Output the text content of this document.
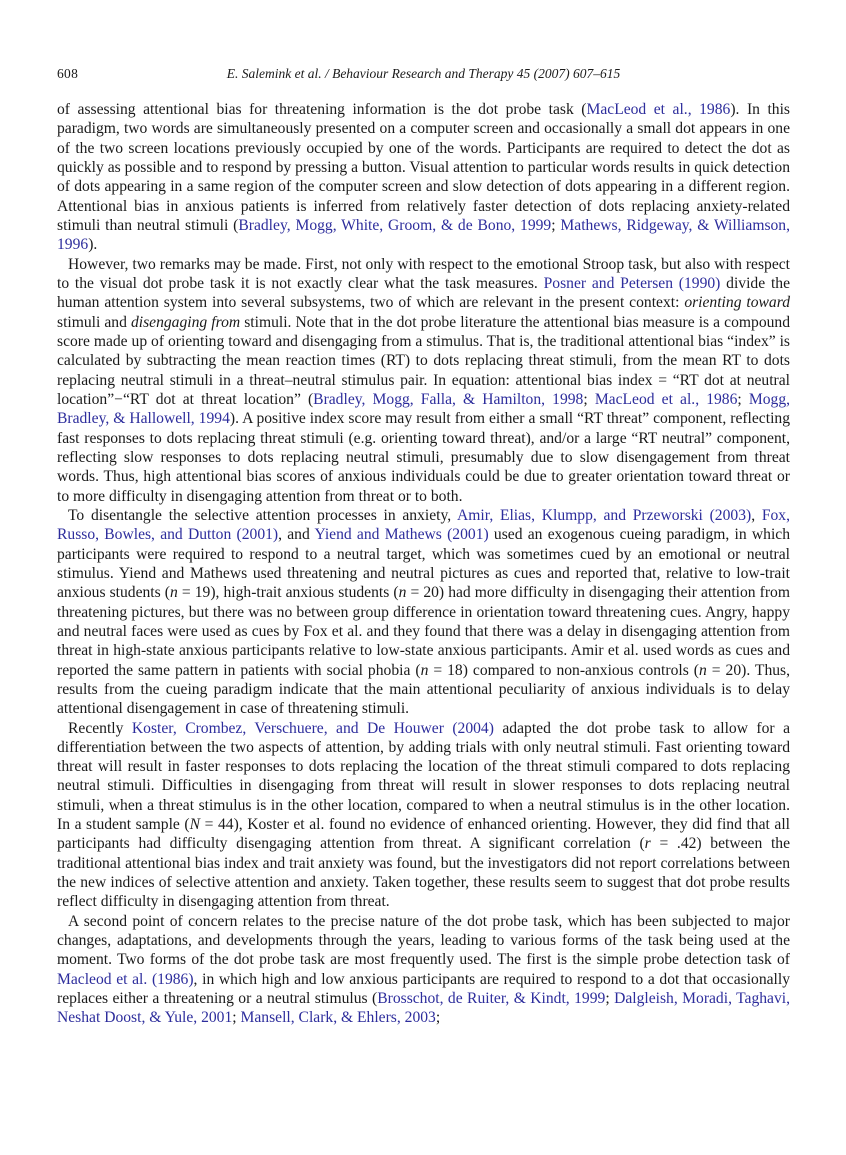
608	E. Salemink et al. / Behaviour Research and Therapy 45 (2007) 607–615

of assessing attentional bias for threatening information is the dot probe task (MacLeod et al., 1986). In this paradigm, two words are simultaneously presented on a computer screen and occasionally a small dot appears in one of the two screen locations previously occupied by one of the words. Participants are required to detect the dot as quickly as possible and to respond by pressing a button. Visual attention to particular words results in quick detection of dots appearing in a same region of the computer screen and slow detection of dots appearing in a different region. Attentional bias in anxious patients is inferred from relatively faster detection of dots replacing anxiety-related stimuli than neutral stimuli (Bradley, Mogg, White, Groom, & de Bono, 1999; Mathews, Ridgeway, & Williamson, 1996).

However, two remarks may be made. First, not only with respect to the emotional Stroop task, but also with respect to the visual dot probe task it is not exactly clear what the task measures. Posner and Petersen (1990) divide the human attention system into several subsystems, two of which are relevant in the present context: orienting toward stimuli and disengaging from stimuli. Note that in the dot probe literature the attentional bias measure is a compound score made up of orienting toward and disengaging from a stimulus. That is, the traditional attentional bias “index” is calculated by subtracting the mean reaction times (RT) to dots replacing threat stimuli, from the mean RT to dots replacing neutral stimuli in a threat–neutral stimulus pair. In equation: attentional bias index = “RT dot at neutral location”−“RT dot at threat location” (Bradley, Mogg, Falla, & Hamilton, 1998; MacLeod et al., 1986; Mogg, Bradley, & Hallowell, 1994). A positive index score may result from either a small “RT threat” component, reflecting fast responses to dots replacing threat stimuli (e.g. orienting toward threat), and/or a large “RT neutral” component, reflecting slow responses to dots replacing neutral stimuli, presumably due to slow disengagement from threat words. Thus, high attentional bias scores of anxious individuals could be due to greater orientation toward threat or to more difficulty in disengaging attention from threat or to both.

To disentangle the selective attention processes in anxiety, Amir, Elias, Klumpp, and Przeworski (2003), Fox, Russo, Bowles, and Dutton (2001), and Yiend and Mathews (2001) used an exogenous cueing paradigm, in which participants were required to respond to a neutral target, which was sometimes cued by an emotional or neutral stimulus. Yiend and Mathews used threatening and neutral pictures as cues and reported that, relative to low-trait anxious students (n = 19), high-trait anxious students (n = 20) had more difficulty in disengaging their attention from threatening pictures, but there was no between group difference in orientation toward threatening cues. Angry, happy and neutral faces were used as cues by Fox et al. and they found that there was a delay in disengaging attention from threat in high-state anxious participants relative to low-state anxious participants. Amir et al. used words as cues and reported the same pattern in patients with social phobia (n = 18) compared to non-anxious controls (n = 20). Thus, results from the cueing paradigm indicate that the main attentional peculiarity of anxious individuals is to delay attentional disengagement in case of threatening stimuli.

Recently Koster, Crombez, Verschuere, and De Houwer (2004) adapted the dot probe task to allow for a differentiation between the two aspects of attention, by adding trials with only neutral stimuli. Fast orienting toward threat will result in faster responses to dots replacing the location of the threat stimuli compared to dots replacing neutral stimuli. Difficulties in disengaging from threat will result in slower responses to dots replacing neutral stimuli, when a threat stimulus is in the other location, compared to when a neutral stimulus is in the other location. In a student sample (N = 44), Koster et al. found no evidence of enhanced orienting. However, they did find that all participants had difficulty disengaging attention from threat. A significant correlation (r = .42) between the traditional attentional bias index and trait anxiety was found, but the investigators did not report correlations between the new indices of selective attention and anxiety. Taken together, these results seem to suggest that dot probe results reflect difficulty in disengaging attention from threat.

A second point of concern relates to the precise nature of the dot probe task, which has been subjected to major changes, adaptations, and developments through the years, leading to various forms of the task being used at the moment. Two forms of the dot probe task are most frequently used. The first is the simple probe detection task of Macleod et al. (1986), in which high and low anxious participants are required to respond to a dot that occasionally replaces either a threatening or a neutral stimulus (Brosschot, de Ruiter, & Kindt, 1999; Dalgleish, Moradi, Taghavi, Neshat Doost, & Yule, 2001; Mansell, Clark, & Ehlers, 2003;
